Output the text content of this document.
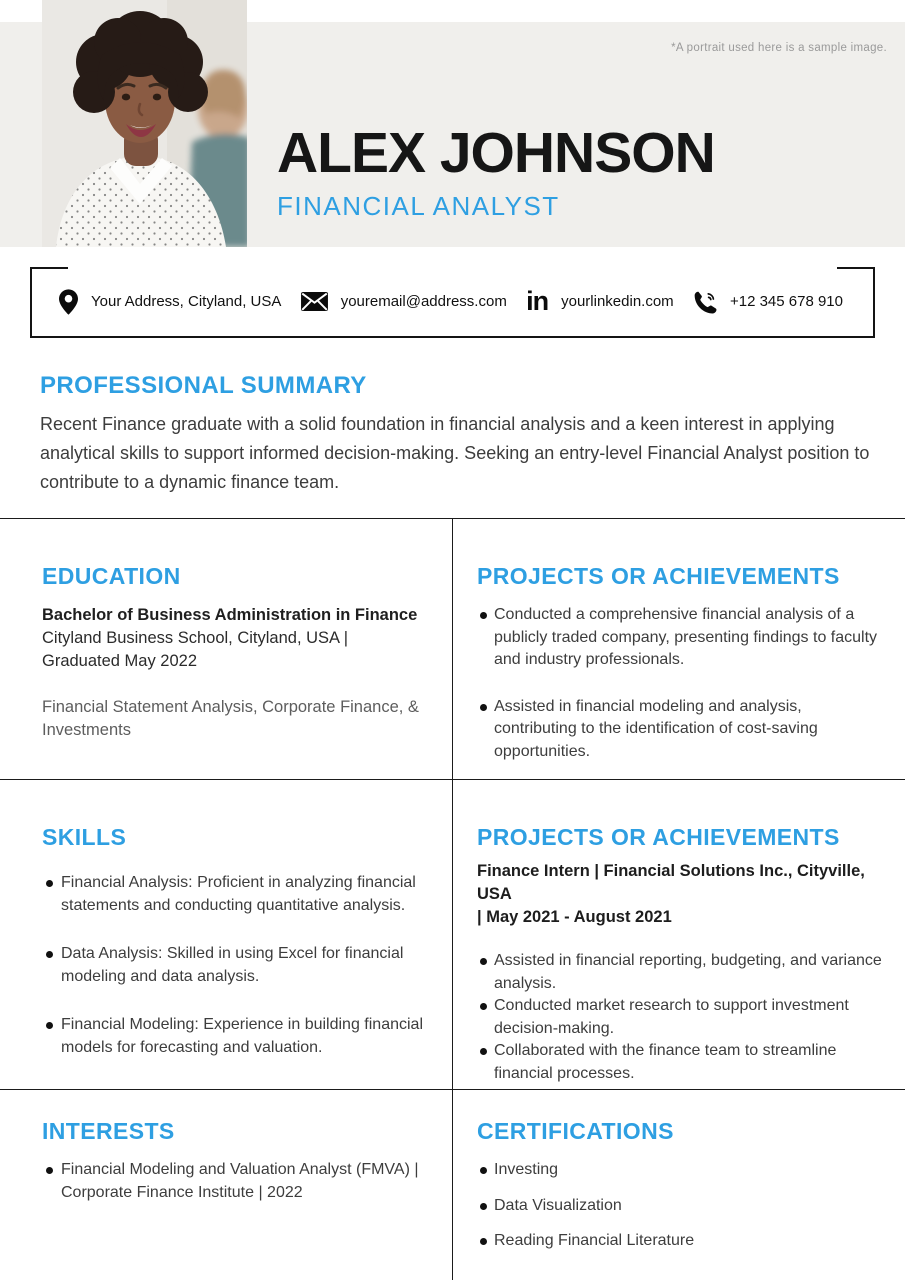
*A portrait used here is a sample image.
ALEX JOHNSON
FINANCIAL ANALYST
Your Address, Cityland, USA	youremail@address.com in yourlinkedin.com	+12 345 678 910
PROFESSIONAL SUMMARY

Recent Finance graduate with a solid foundation in financial analysis and a keen interest in applying analytical skills to support informed decision-making. Seeking an entry-level Financial Analyst position to contribute to a dynamic finance team.

EDUCATION
Bachelor of Business Administration in Finance
Cityland Business School, Cityland, USA |
Graduated May 2022
Financial Statement Analysis, Corporate Finance, & Investments
PROJECTS OR ACHIEVEMENTS
Conducted a comprehensive financial analysis of a publicly traded company, presenting findings to faculty and industry professionals.
Assisted in financial modeling and analysis, contributing to the identification of cost-saving opportunities.
SKILLS
Financial Analysis: Proficient in analyzing financial statements and conducting quantitative analysis.
Data Analysis: Skilled in using Excel for financial modeling and data analysis.
Financial Modeling: Experience in building financial models for forecasting and valuation.
PROJECTS OR ACHIEVEMENTS
Finance Intern | Financial Solutions Inc., Cityville, USA
| May 2021 - August 2021
Assisted in financial reporting, budgeting, and variance analysis.
Conducted market research to support investment decision-making.
Collaborated with the finance team to streamline financial processes.
INTERESTS
Financial Modeling and Valuation Analyst (FMVA) | Corporate Finance Institute | 2022
CERTIFICATIONS
Investing
Data Visualization
Reading Financial Literature
